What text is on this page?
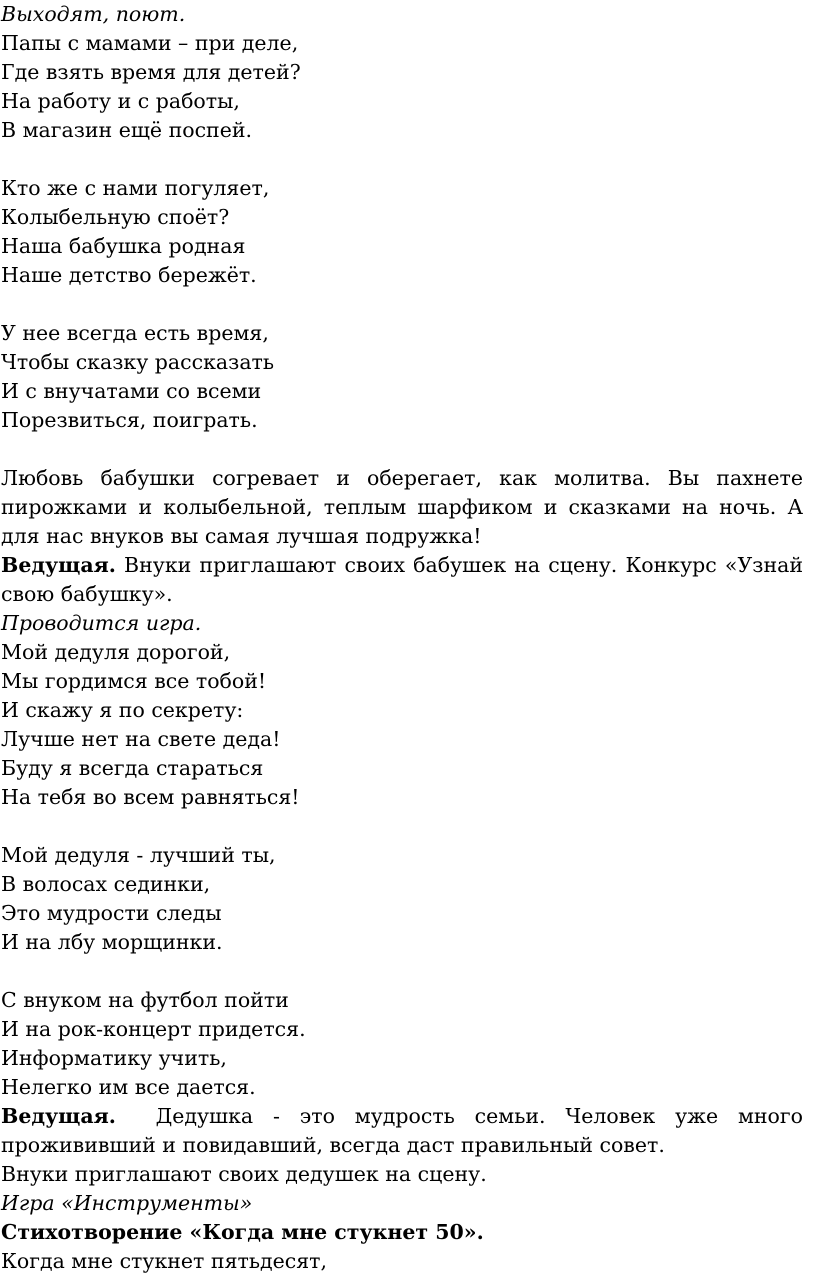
Выходят, поют.

Папы с мамами – при деле,

Где взять время для детей?

На работу и с работы,

В магазин ещё поспей.

Кто же с нами погуляет,

Колыбельную споёт?

Наша бабушка родная

Наше детство бережёт.

У нее всегда есть время,

Чтобы сказку рассказать

И с внучатами со всеми

Порезвиться, поиграть.

Любовь бабушки согревает и оберегает, как молитва. Вы пахнете пирожками и колыбельной, теплым шарфиком и сказками на ночь. А для нас внуков вы самая лучшая подружка!

Ведущая. Внуки приглашают своих бабушек на сцену. Конкурс «Узнай свою бабушку».

Проводится игра.

Мой дедуля дорогой,

Мы гордимся все тобой!

И скажу я по секрету:

Лучше нет на свете деда!

Буду я всегда стараться

На тебя во всем равняться!

Мой дедуля - лучший ты,

В волосах сединки,

Это мудрости следы

И на лбу морщинки.

С внуком на футбол пойти

И на рок-концерт придется.

Информатику учить,

Нелегко им все дается.

Ведущая.  Дедушка - это мудрость семьи. Человек уже много прожививший и повидавший, всегда даст правильный совет.

Внуки приглашают своих дедушек на сцену.

Игра «Инструменты»

Стихотворение «Когда мне стукнет 50».

Когда мне стукнет пятьдесят,
